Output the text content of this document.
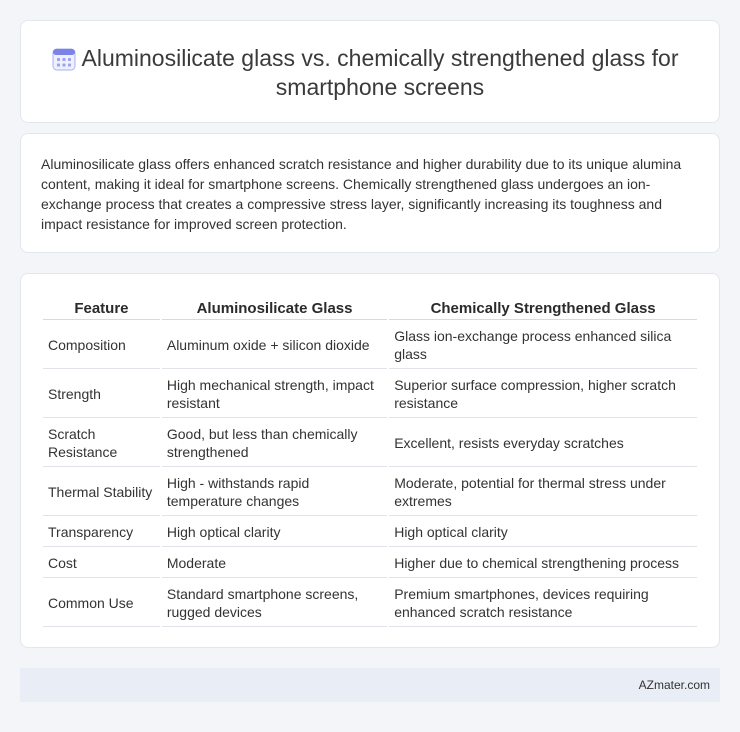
Aluminosilicate glass vs. chemically strengthened glass for smartphone screens

Aluminosilicate glass offers enhanced scratch resistance and higher durability due to its unique alumina content, making it ideal for smartphone screens. Chemically strengthened glass undergoes an ion-exchange process that creates a compressive stress layer, significantly increasing its toughness and impact resistance for improved screen protection.

Feature	Aluminosilicate Glass	Chemically Strengthened Glass
Composition	Aluminum oxide + silicon dioxide	Glass ion-exchange process enhanced silica glass
Strength	High mechanical strength, impact resistant	Superior surface compression, higher scratch resistance
Scratch Resistance	Good, but less than chemically strengthened	Excellent, resists everyday scratches
Thermal Stability	High - withstands rapid temperature changes	Moderate, potential for thermal stress under extremes
Transparency	High optical clarity	High optical clarity
Cost	Moderate	Higher due to chemical strengthening process
Common Use	Standard smartphone screens, rugged devices	Premium smartphones, devices requiring enhanced scratch resistance
AZmater.com
